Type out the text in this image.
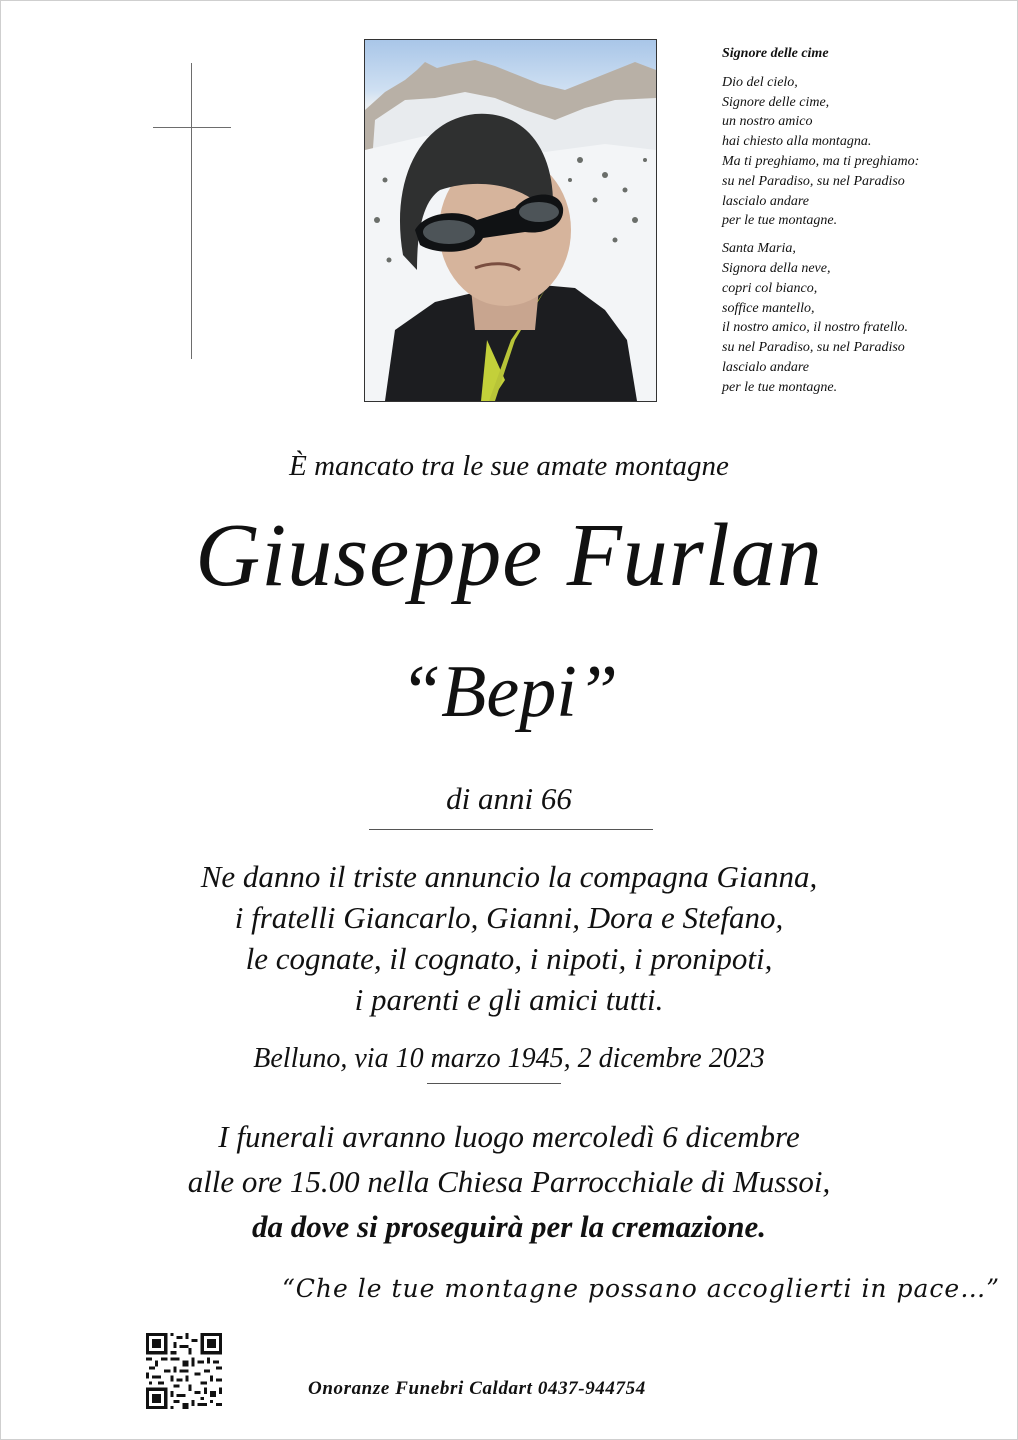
Signore delle cime
Dio del cielo,
Signore delle cime,
un nostro amico
hai chiesto alla montagna.
Ma ti preghiamo, ma ti preghiamo:
su nel Paradiso, su nel Paradiso
lascialo andare
per le tue montagne.
Santa Maria,
Signora della neve,
copri col bianco,
soffice mantello,
il nostro amico, il nostro fratello.
su nel Paradiso, su nel Paradiso
lascialo andare
per le tue montagne.
È mancato tra le sue amate montagne
Giuseppe Furlan
“Bepi”
di anni 66
Ne danno il triste annuncio la compagna Gianna,
i fratelli Giancarlo, Gianni, Dora e Stefano,
le cognate, il cognato, i nipoti, i pronipoti,
i parenti e gli amici tutti.
Belluno, via 10 marzo 1945, 2 dicembre 2023
I funerali avranno luogo mercoledì 6 dicembre
alle ore 15.00 nella Chiesa Parrocchiale di Mussoi,
da dove si proseguirà per la cremazione.
“Che le tue montagne possano accoglierti in pace…”
Onoranze Funebri Caldart 0437-944754
